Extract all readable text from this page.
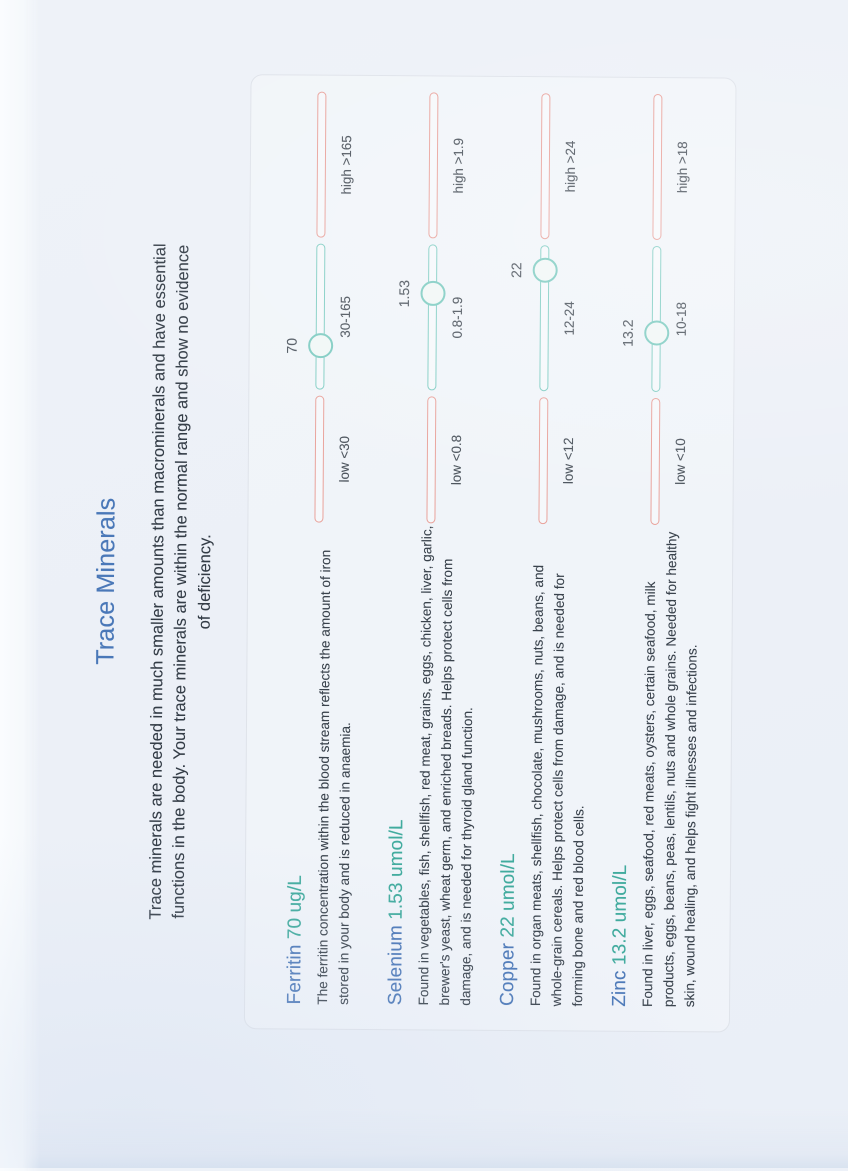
Trace Minerals Trace minerals are needed in much smaller amounts than macrominerals and have essential functions in the body. Your trace minerals are within the normal range and show no evidence of deficiency.

Ferritin 70 ug/L The ferritin concentration within the blood stream reflects the amount of iron stored in your body and is reduced in anaemia.

70
low <30
30-165
high >165
Selenium 1.53 umol/L Found in vegetables, fish, shellfish, red meat, grains, eggs, chicken, liver, garlic, brewer's yeast, wheat germ, and enriched breads. Helps protect cells from damage, and is needed for thyroid gland function.

1.53
low <0.8
0.8-1.9
high >1.9
Copper 22 umol/L Found in organ meats, shellfish, chocolate, mushrooms, nuts, beans, and whole-grain cereals. Helps protect cells from damage, and is needed for forming bone and red blood cells.

22
low <12
12-24
high >24
Zinc 13.2 umol/L Found in liver, eggs, seafood, red meats, oysters, certain seafood, milk products, eggs, beans, peas, lentils, nuts and whole grains. Needed for healthy skin, wound healing, and helps fight illnesses and infections.

13.2
low <10
10-18
high >18
